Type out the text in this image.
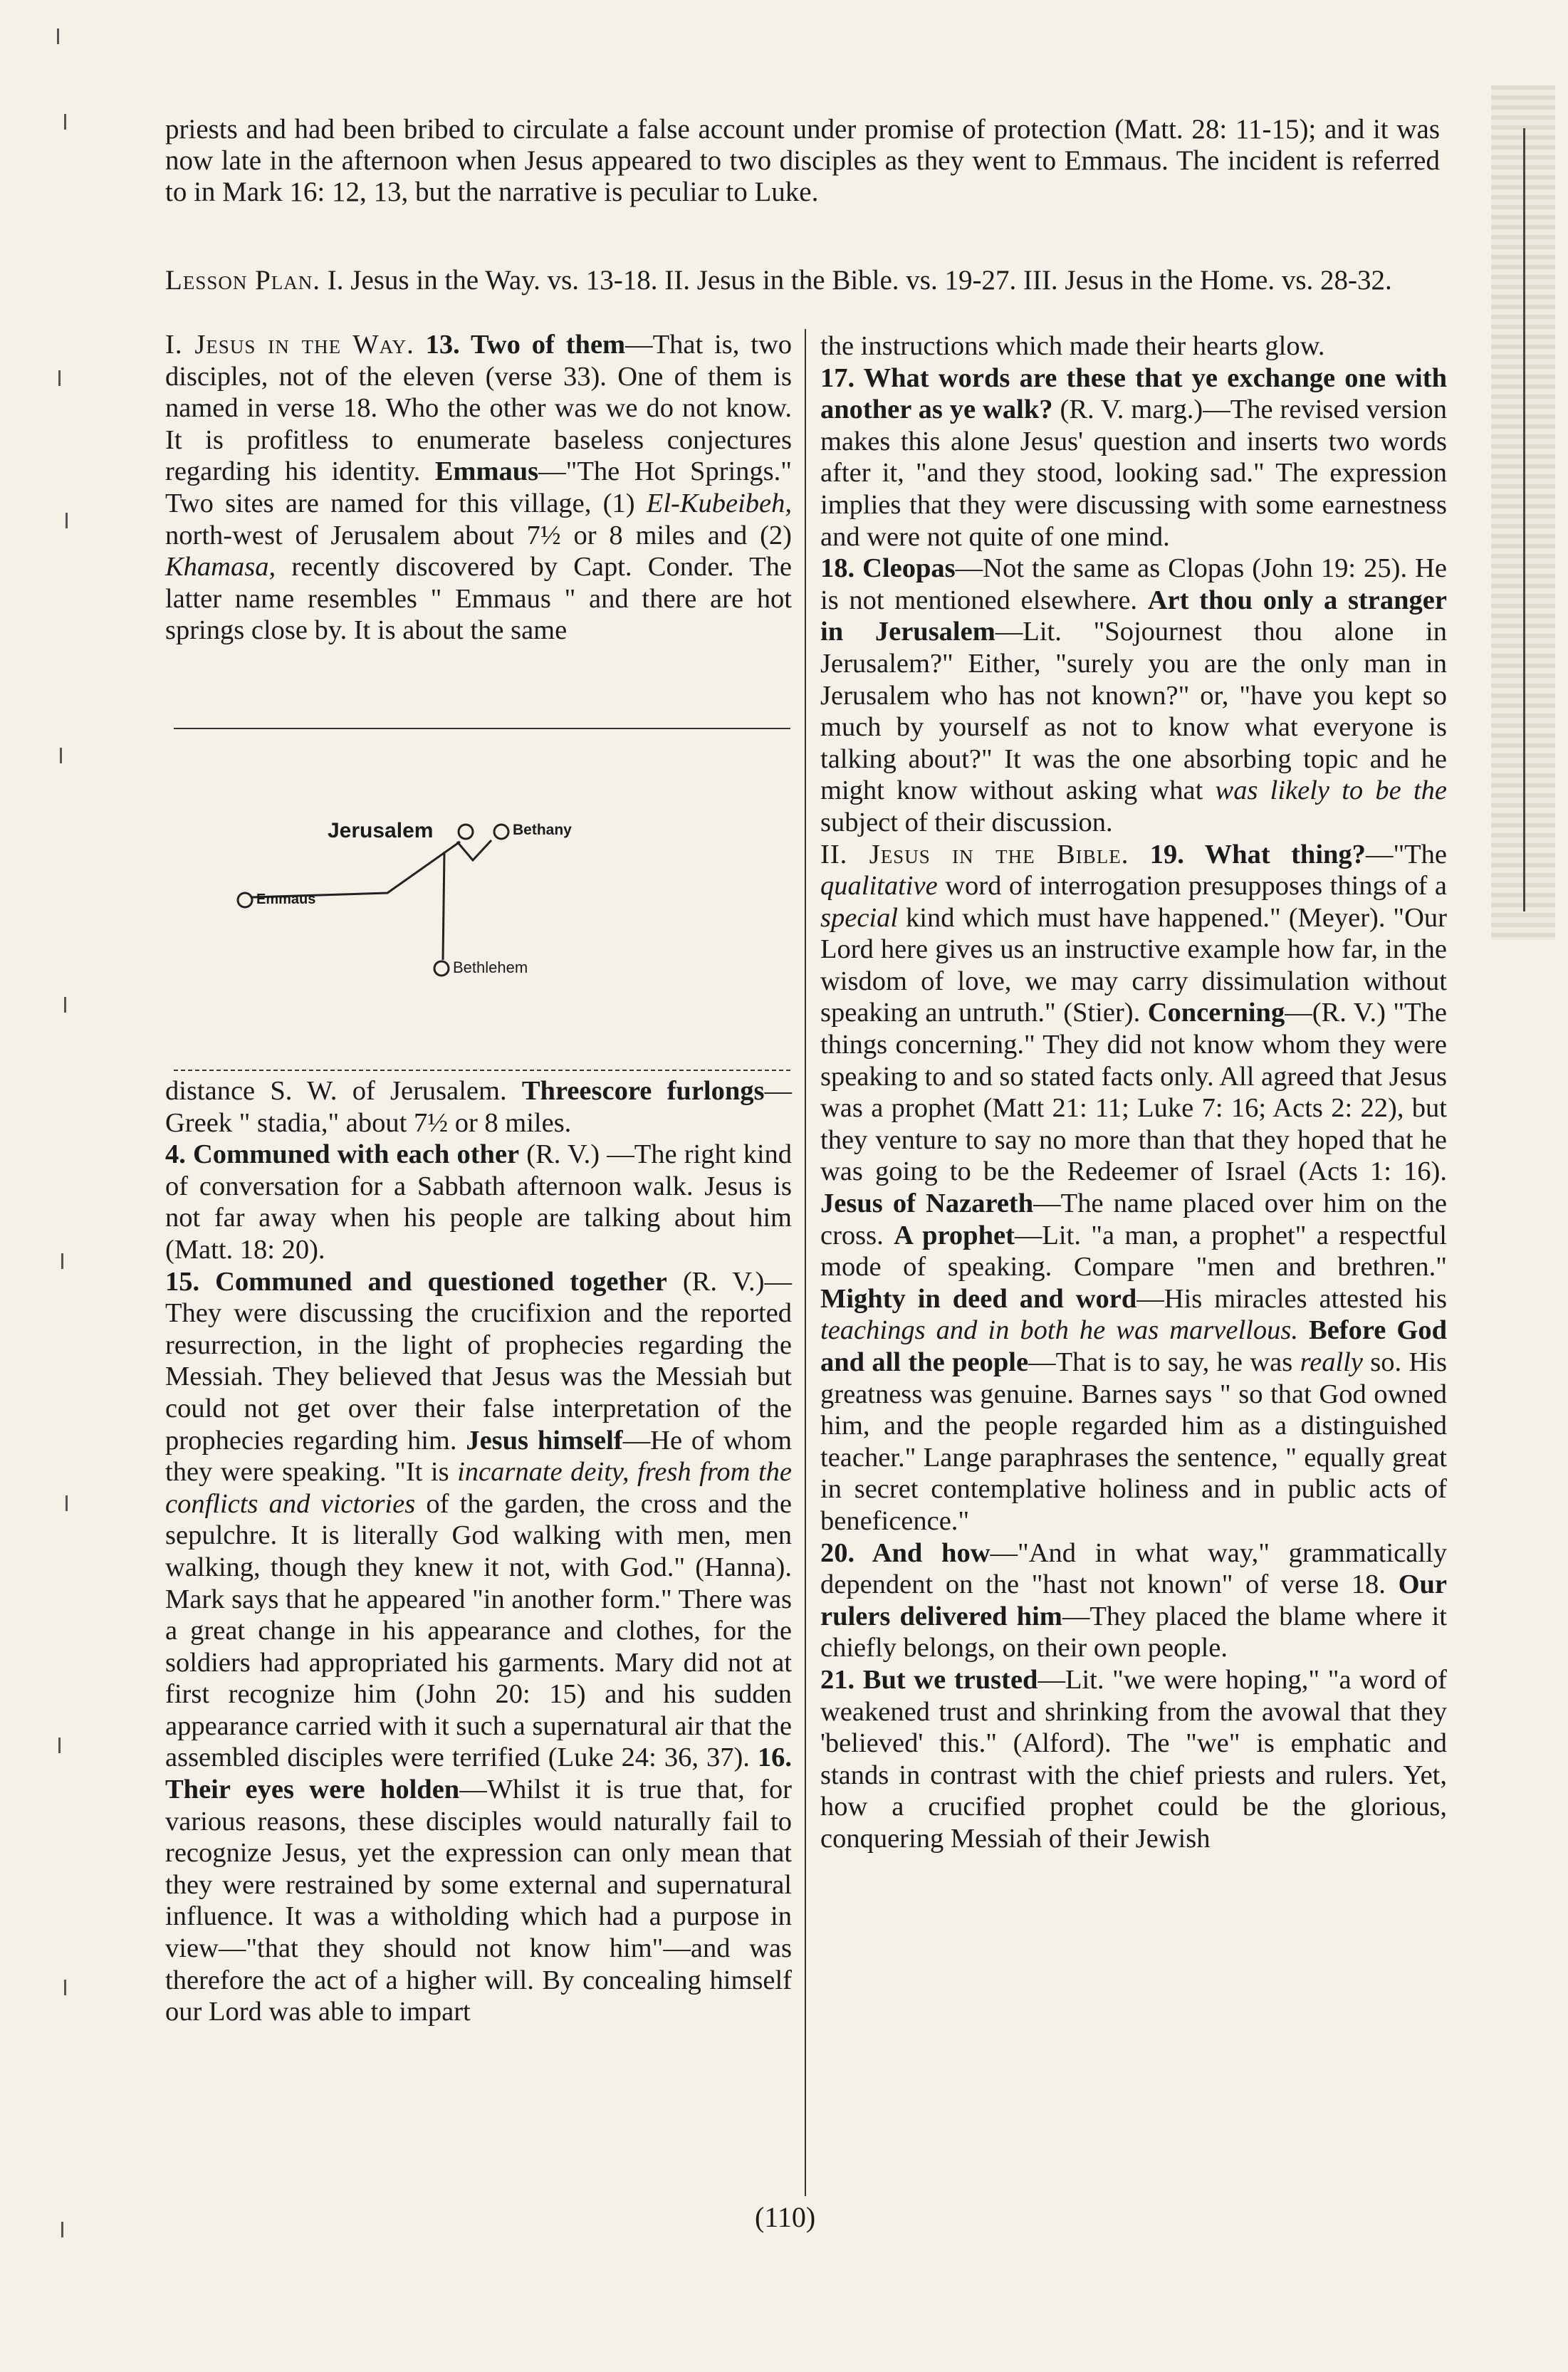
priests and had been bribed to circulate a false account under promise of protection (Matt. 28: 11-15); and it was now late in the afternoon when Jesus appeared to two disciples as they went to Emmaus. The incident is referred to in Mark 16: 12, 13, but the narrative is peculiar to Luke.
Lesson Plan. I. Jesus in the Way. vs. 13-18. II. Jesus in the Bible. vs. 19-27. III. Jesus in the Home. vs. 28-32.

I. Jesus in the Way. 13. Two of them—That is, two disciples, not of the eleven (verse 33). One of them is named in verse 18. Who the other was we do not know. It is profitless to enumerate baseless conjectures regarding his identity. Emmaus—"The Hot Springs." Two sites are named for this village, (1) El-Kubeibeh, north-west of Jerusalem about 7½ or 8 miles and (2) Khamasa, recently discovered by Capt. Conder. The latter name resembles " Emmaus " and there are hot springs close by. It is about the same

Jerusalem	Bethany
Emmaus
Bethlehem

distance S. W. of Jerusalem. Threescore furlongs—Greek " stadia," about 7½ or 8 miles.

4. Communed with each other (R. V.) —The right kind of conversation for a Sabbath afternoon walk. Jesus is not far away when his people are talking about him (Matt. 18: 20).

15. Communed and questioned together (R. V.)—They were discussing the crucifixion and the reported resurrection, in the light of prophecies regarding the Messiah. They believed that Jesus was the Messiah but could not get over their false interpretation of the prophecies regarding him. Jesus himself—He of whom they were speaking. "It is incarnate deity, fresh from the conflicts and victories of the garden, the cross and the sepulchre. It is literally God walking with men, men walking, though they knew it not, with God." (Hanna). Mark says that he appeared "in another form." There was a great change in his appearance and clothes, for the soldiers had appropriated his garments. Mary did not at first recognize him (John 20: 15) and his sudden appearance carried with it such a supernatural air that the assembled disciples were terrified (Luke 24: 36, 37). 16. Their eyes were holden—Whilst it is true that, for various reasons, these disciples would naturally fail to recognize Jesus, yet the expression can only mean that they were restrained by some external and supernatural influence. It was a witholding which had a purpose in view—"that they should not know him"—and was therefore the act of a higher will. By concealing himself our Lord was able to impart

the instructions which made their hearts glow.

17. What words are these that ye exchange one with another as ye walk? (R. V. marg.)—The revised version makes this alone Jesus' question and inserts two words after it, "and they stood, looking sad." The expression implies that they were discussing with some earnestness and were not quite of one mind.

18. Cleopas—Not the same as Clopas (John 19: 25). He is not mentioned elsewhere. Art thou only a stranger in Jerusalem—Lit. "Sojournest thou alone in Jerusalem?" Either, "surely you are the only man in Jerusalem who has not known?" or, "have you kept so much by yourself as not to know what everyone is talking about?" It was the one absorbing topic and he might know without asking what was likely to be the subject of their discussion.

II. Jesus in the Bible. 19. What thing?—"The qualitative word of interrogation presupposes things of a special kind which must have happened." (Meyer). "Our Lord here gives us an instructive example how far, in the wisdom of love, we may carry dissimulation without speaking an untruth." (Stier). Concerning—(R. V.) "The things concerning." They did not know whom they were speaking to and so stated facts only. All agreed that Jesus was a prophet (Matt 21: 11; Luke 7: 16; Acts 2: 22), but they venture to say no more than that they hoped that he was going to be the Redeemer of Israel (Acts 1: 16). Jesus of Nazareth—The name placed over him on the cross. A prophet—Lit. "a man, a prophet" a respectful mode of speaking. Compare "men and brethren." Mighty in deed and word—His miracles attested his teachings and in both he was marvellous. Before God and all the people—That is to say, he was really so. His greatness was genuine. Barnes says " so that God owned him, and the people regarded him as a distinguished teacher." Lange paraphrases the sentence, " equally great in secret contemplative holiness and in public acts of beneficence."

20. And how—"And in what way," grammatically dependent on the "hast not known" of verse 18. Our rulers delivered him—They placed the blame where it chiefly belongs, on their own people.

21. But we trusted—Lit. "we were hoping," "a word of weakened trust and shrinking from the avowal that they 'believed' this." (Alford). The "we" is emphatic and stands in contrast with the chief priests and rulers. Yet, how a crucified prophet could be the glorious, conquering Messiah of their Jewish

(110)
